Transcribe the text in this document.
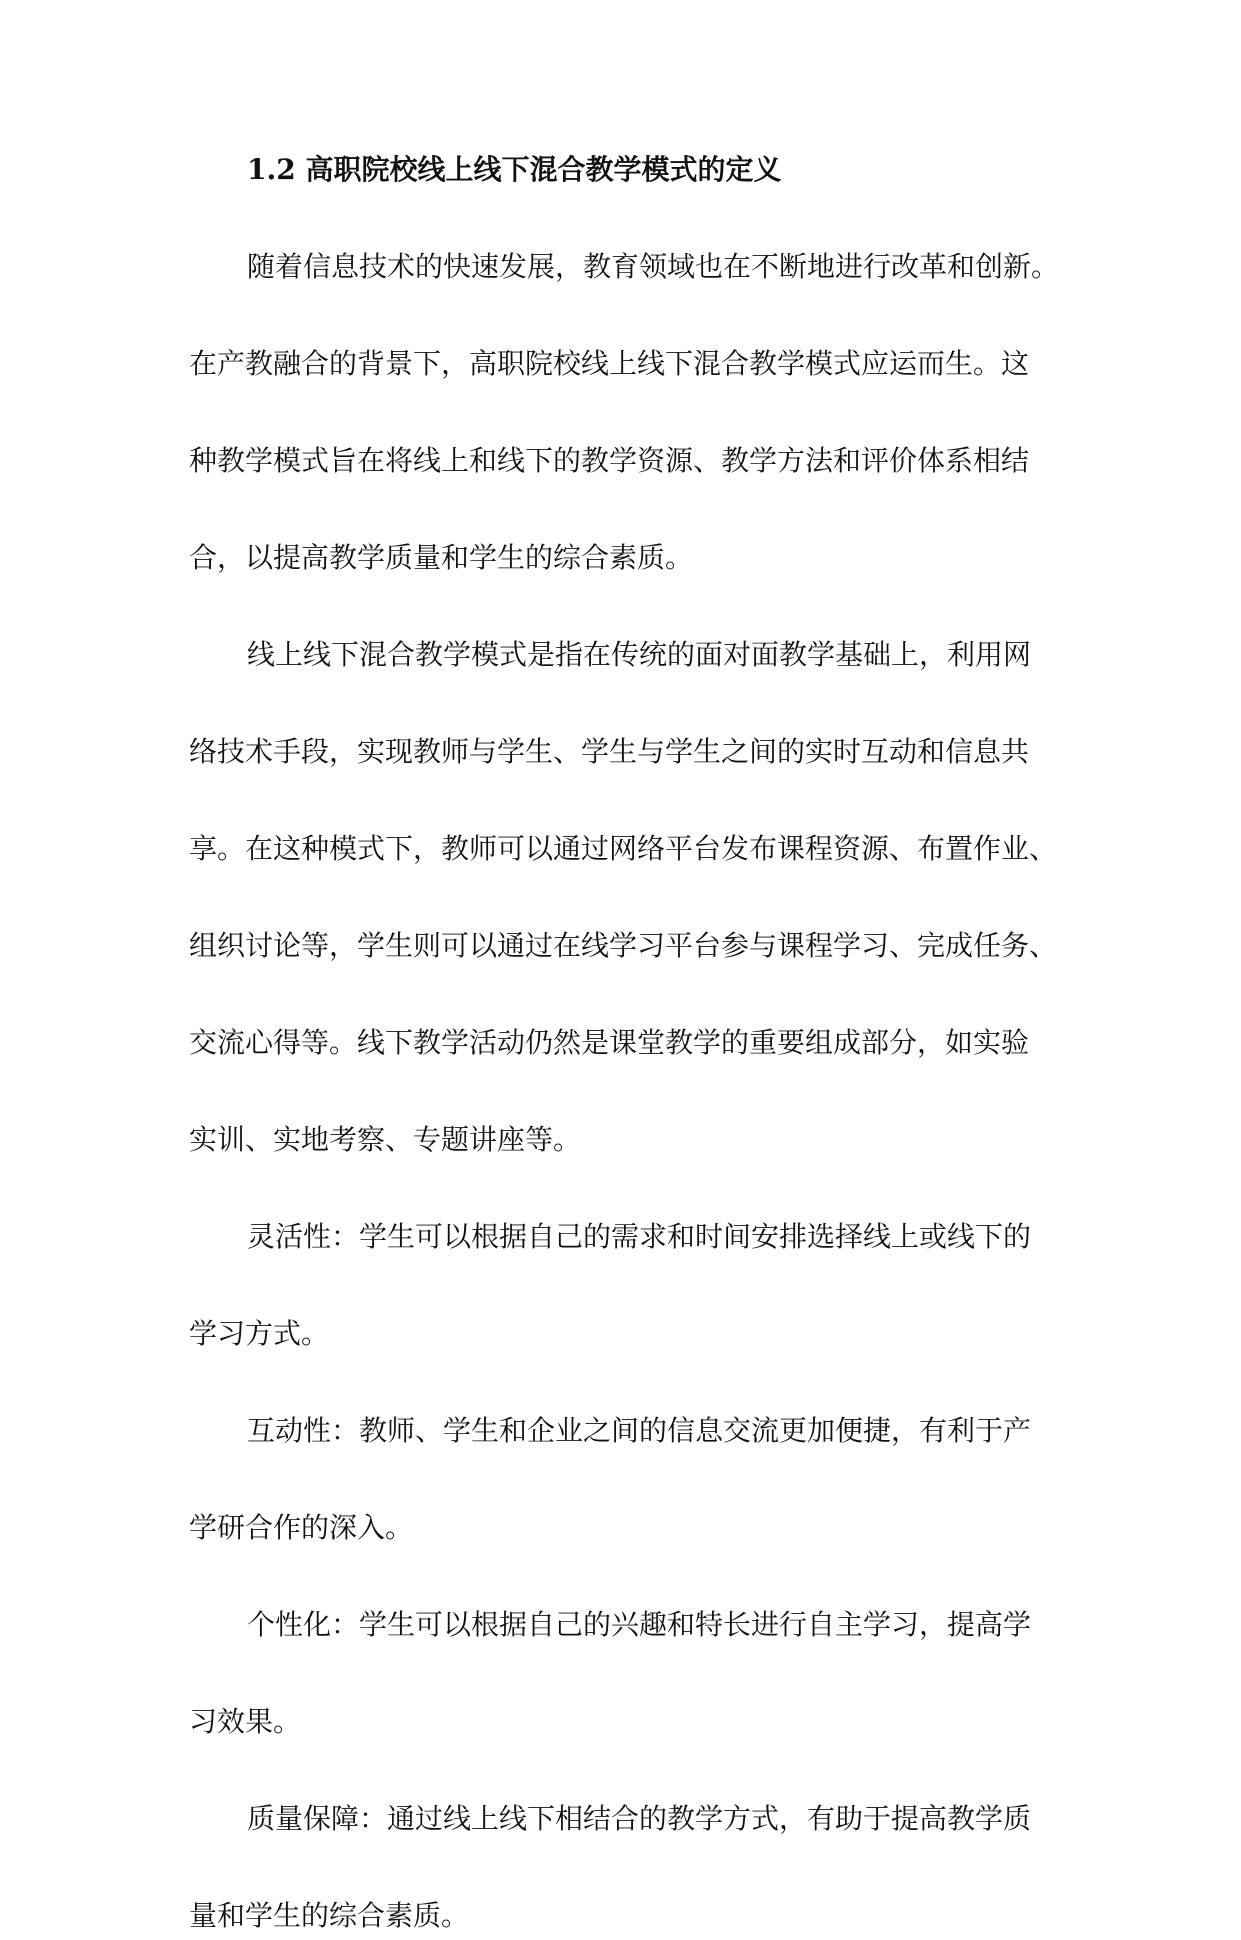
1.2 高职院校线上线下混合教学模式的定义
随着信息技术的快速发展，教育领域也在不断地进行改革和创新。
在产教融合的背景下，高职院校线上线下混合教学模式应运而生。这
种教学模式旨在将线上和线下的教学资源、教学方法和评价体系相结
合，以提高教学质量和学生的综合素质。
线上线下混合教学模式是指在传统的面对面教学基础上，利用网
络技术手段，实现教师与学生、学生与学生之间的实时互动和信息共
享。在这种模式下，教师可以通过网络平台发布课程资源、布置作业、
组织讨论等，学生则可以通过在线学习平台参与课程学习、完成任务、
交流心得等。线下教学活动仍然是课堂教学的重要组成部分，如实验
实训、实地考察、专题讲座等。
灵活性：学生可以根据自己的需求和时间安排选择线上或线下的
学习方式。
互动性：教师、学生和企业之间的信息交流更加便捷，有利于产
学研合作的深入。
个性化：学生可以根据自己的兴趣和特长进行自主学习，提高学
习效果。
质量保障：通过线上线下相结合的教学方式，有助于提高教学质
量和学生的综合素质。
